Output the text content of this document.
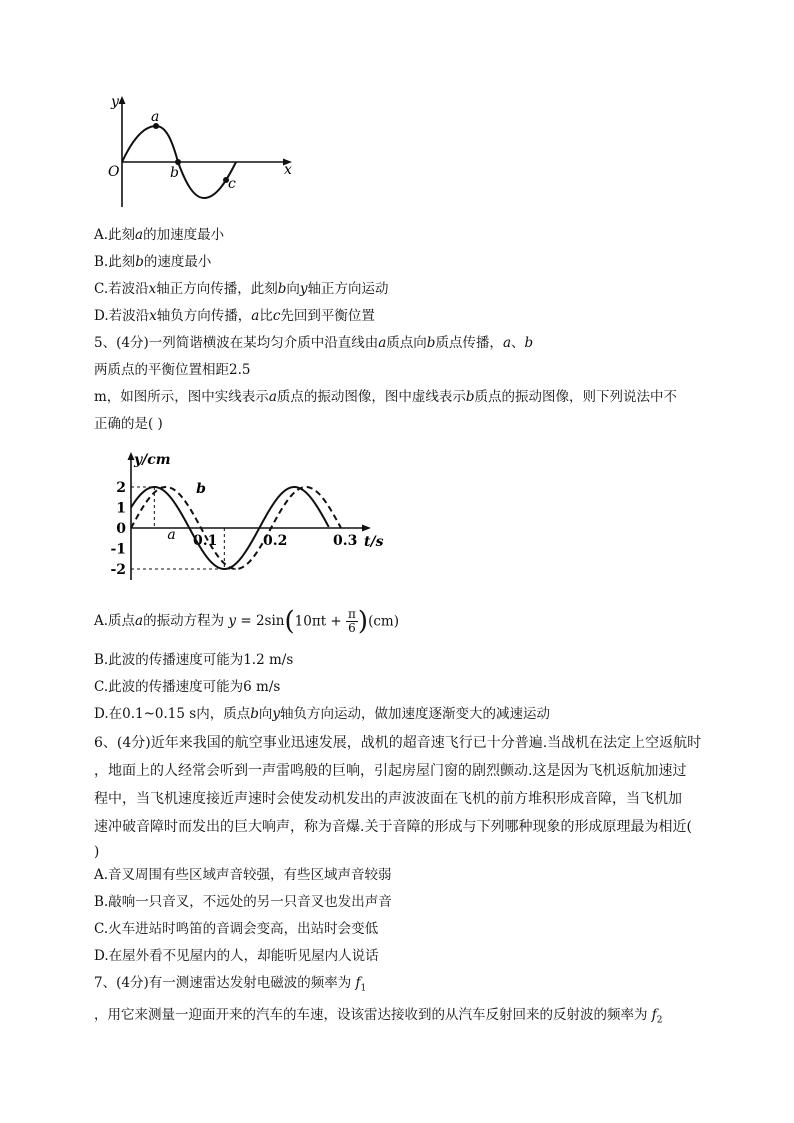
y
x
O
a
b
c
A.此刻a的加速度最小
B.此刻b的速度最小
C.若波沿x轴正方向传播，此刻b向y轴正方向运动
D.若波沿x轴负方向传播，a比c先回到平衡位置
5、(4分)一列简谐横波在某均匀介质中沿直线由a质点向b质点传播，a、b
两质点的平衡位置相距2.5
m，如图所示，图中实线表示a质点的振动图像，图中虚线表示b质点的振动图像，则下列说法中不
正确的是( )
y/cm
t/s
2
1
0
-1
-2
0.1	0.2	0.3
a
b
A.质点a的振动方程为 $y = 2\sin(10\pi t + \frac{\pi}{6} )(cm)$
B.此波的传播速度可能为1.2 m/s
C.此波的传播速度可能为6 m/s
D.在0.1~0.15 s内，质点b向y轴负方向运动，做加速度逐渐变大的减速运动
6、(4分)近年来我国的航空事业迅速发展，战机的超音速飞行已十分普遍.当战机在法定上空返航时
，地面上的人经常会听到一声雷鸣般的巨响，引起房屋门窗的剧烈颤动.这是因为飞机返航加速过
程中，当飞机速度接近声速时会使发动机发出的声波波面在飞机的前方堆积形成音障，当飞机加
速冲破音障时而发出的巨大响声，称为音爆.关于音障的形成与下列哪种现象的形成原理最为相近(
)
A.音叉周围有些区域声音较强，有些区域声音较弱
B.敲响一只音叉，不远处的另一只音叉也发出声音
C.火车进站时鸣笛的音调会变高，出站时会变低
D.在屋外看不见屋内的人，却能听见屋内人说话
7、(4分)有一测速雷达发射电磁波的频率为 $f_1$
，用它来测量一迎面开来的汽车的车速，设该雷达接收到的从汽车反射回来的反射波的频率为 $f_2$
